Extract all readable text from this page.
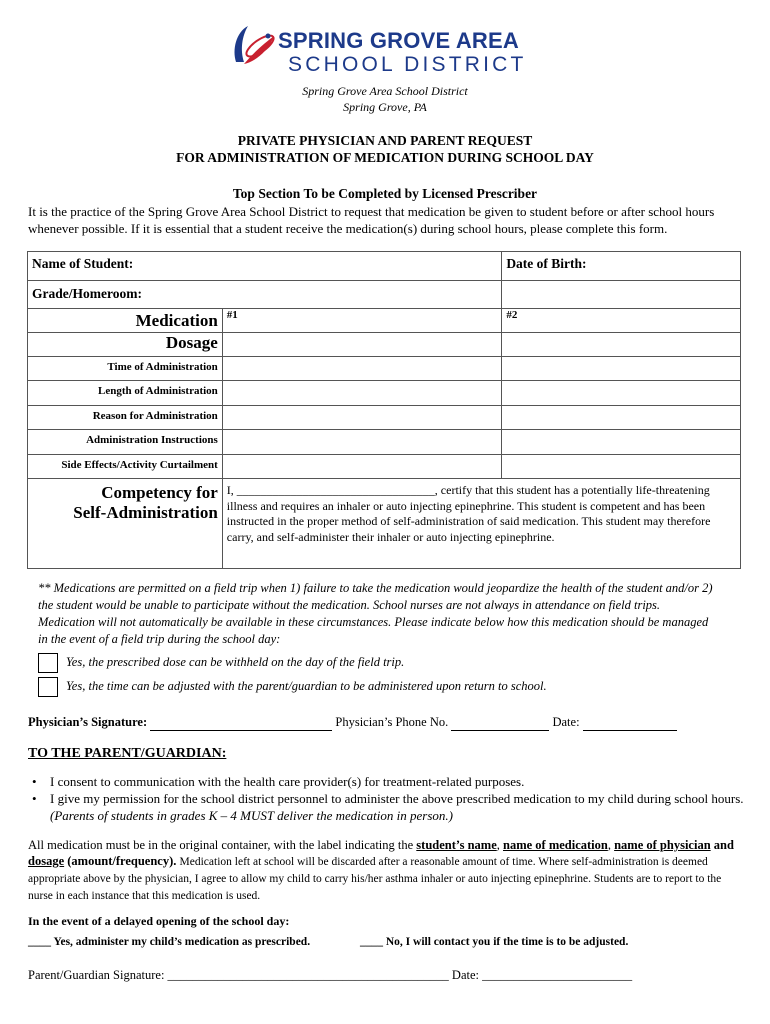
SPRING GROVE AREA
SCHOOL DISTRICT
Spring Grove Area School District
Spring Grove, PA
PRIVATE PHYSICIAN AND PARENT REQUEST
FOR ADMINISTRATION OF MEDICATION DURING SCHOOL DAY
Top Section To be Completed by Licensed Prescriber
It is the practice of the Spring Grove Area School District to request that medication be given to student before or after school hours whenever possible. If it is essential that a student receive the medication(s) during school hours, please complete this form.
Name of Student:		Date of Birth:
Grade/Homeroom:		
Medication	#1	#2
Dosage		
Time of Administration		
Length of Administration		
Reason for Administration		
Administration Instructions		
Side Effects/Activity Curtailment		

Competency for
Self-Administration	I, _________________________________, certify that this student has a potentially life-threatening illness and requires an inhaler or auto injecting epinephrine. This student is competent and has been instructed in the proper method of self-administration of said medication. This student may therefore carry, and self-administer their inhaler or auto injecting epinephrine.	
** Medications are permitted on a field trip when 1) failure to take the medication would jeopardize the health of the student and/or 2) the student would be unable to participate without the medication. School nurses are not always in attendance on field trips. Medication will not automatically be available in these circumstances. Please indicate below how this medication should be managed in the event of a field trip during the school day:
Yes, the prescribed dose can be withheld on the day of the field trip.
Yes, the time can be adjusted with the parent/guardian to be administered upon return to school.
Physician’s Signature:	Physician’s Phone No.	Date:
TO THE PARENT/GUARDIAN:
• I consent to communication with the health care provider(s) for treatment-related purposes.
• I give my permission for the school district personnel to administer the above prescribed medication to my child during school hours. (Parents of students in grades K – 4 MUST deliver the medication in person.)
All medication must be in the original container, with the label indicating the student’s name, name of medication, name of physician and dosage (amount/frequency). Medication left at school will be discarded after a reasonable amount of time. Where self-administration is deemed appropriate above by the physician, I agree to allow my child to carry his/her asthma inhaler or auto injecting epinephrine. Students are to report to the nurse in each instance that this medication is used.
In the event of a delayed opening of the school day:
____ Yes, administer my child’s medication as prescribed.	____ No, I will contact you if the time is to be adjusted.
Parent/Guardian Signature: _____________________________________________ Date: ________________________
